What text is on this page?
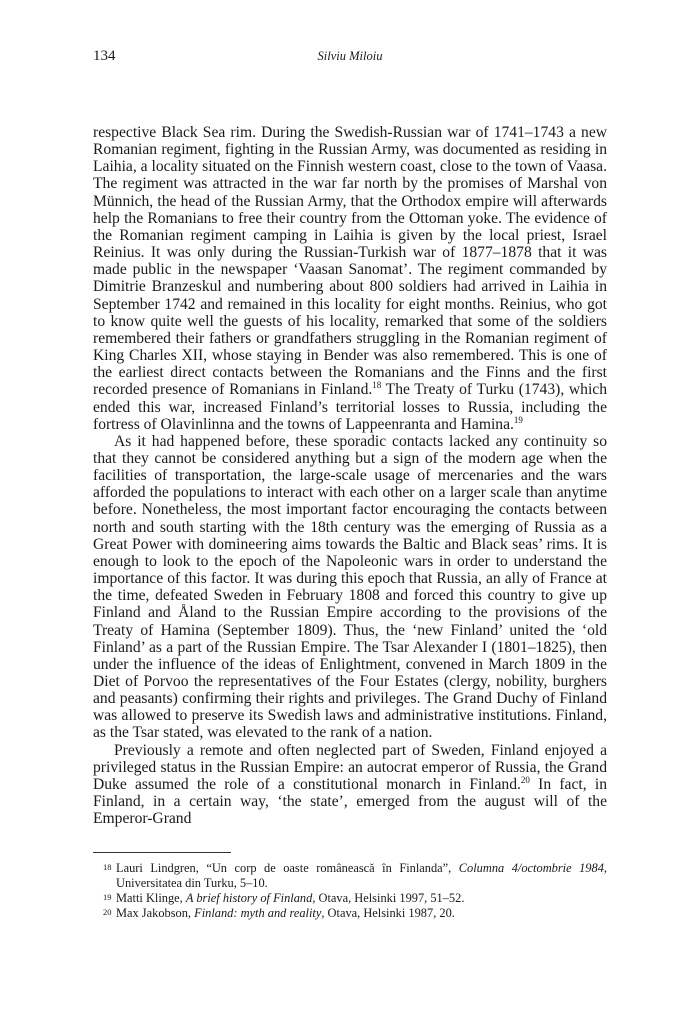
134	Silviu Miloiu

respective Black Sea rim. During the Swedish-Russian war of 1741–1743 a new Romanian regiment, fighting in the Russian Army, was documented as residing in Laihia, a locality situated on the Finnish western coast, close to the town of Vaasa. The regiment was attracted in the war far north by the promises of Marshal von Münnich, the head of the Russian Army, that the Orthodox empire will afterwards help the Romanians to free their country from the Ottoman yoke. The evidence of the Romanian regiment camping in Laihia is given by the local priest, Israel Reinius. It was only during the Russian-Turkish war of 1877–1878 that it was made public in the newspaper ‘Vaasan Sanomat’. The regiment commanded by Dimitrie Branzeskul and numbering about 800 soldiers had arrived in Laihia in September 1742 and remained in this locality for eight months. Reinius, who got to know quite well the guests of his locality, remarked that some of the soldiers remembered their fathers or grandfathers struggling in the Romanian regiment of King Charles XII, whose staying in Bender was also remembered. This is one of the earliest direct contacts between the Romanians and the Finns and the first recorded presence of Romanians in Finland.$^{18}$ The Treaty of Turku (1743), which ended this war, increased Finland’s territorial losses to Russia, including the fortress of Olavinlinna and the towns of Lappeenranta and Hamina.$^{19}$

As it had happened before, these sporadic contacts lacked any continuity so that they cannot be considered anything but a sign of the modern age when the facilities of transportation, the large-scale usage of mercenaries and the wars afforded the populations to interact with each other on a larger scale than anytime before. Nonetheless, the most important factor encouraging the contacts between north and south starting with the 18th century was the emerging of Russia as a Great Power with domineering aims towards the Baltic and Black seas’ rims. It is enough to look to the epoch of the Napoleonic wars in order to understand the importance of this factor. It was during this epoch that Russia, an ally of France at the time, defeated Sweden in February 1808 and forced this country to give up Finland and Åland to the Russian Empire according to the provisions of the Treaty of Hamina (September 1809). Thus, the ‘new Finland’ united the ‘old Finland’ as a part of the Russian Empire. The Tsar Alexander I (1801–1825), then under the influence of the ideas of Enlightment, convened in March 1809 in the Diet of Porvoo the representatives of the Four Estates (clergy, nobility, burghers and peasants) confirming their rights and privileges. The Grand Duchy of Finland was allowed to preserve its Swedish laws and administrative institutions. Finland, as the Tsar stated, was elevated to the rank of a nation.

Previously a remote and often neglected part of Sweden, Finland enjoyed a privileged status in the Russian Empire: an autocrat emperor of Russia, the Grand Duke assumed the role of a constitutional monarch in Finland.$^{20}$ In fact, in Finland, in a certain way, ‘the state’, emerged from the august will of the Emperor-Grand

18 Lauri Lindgren, “Un corp de oaste românească în Finlanda”, Columna 4/octombrie 1984, Universitatea din Turku, 5–10.
19 Matti Klinge, A brief history of Finland, Otava, Helsinki 1997, 51–52.
20 Max Jakobson, Finland: myth and reality, Otava, Helsinki 1987, 20.
